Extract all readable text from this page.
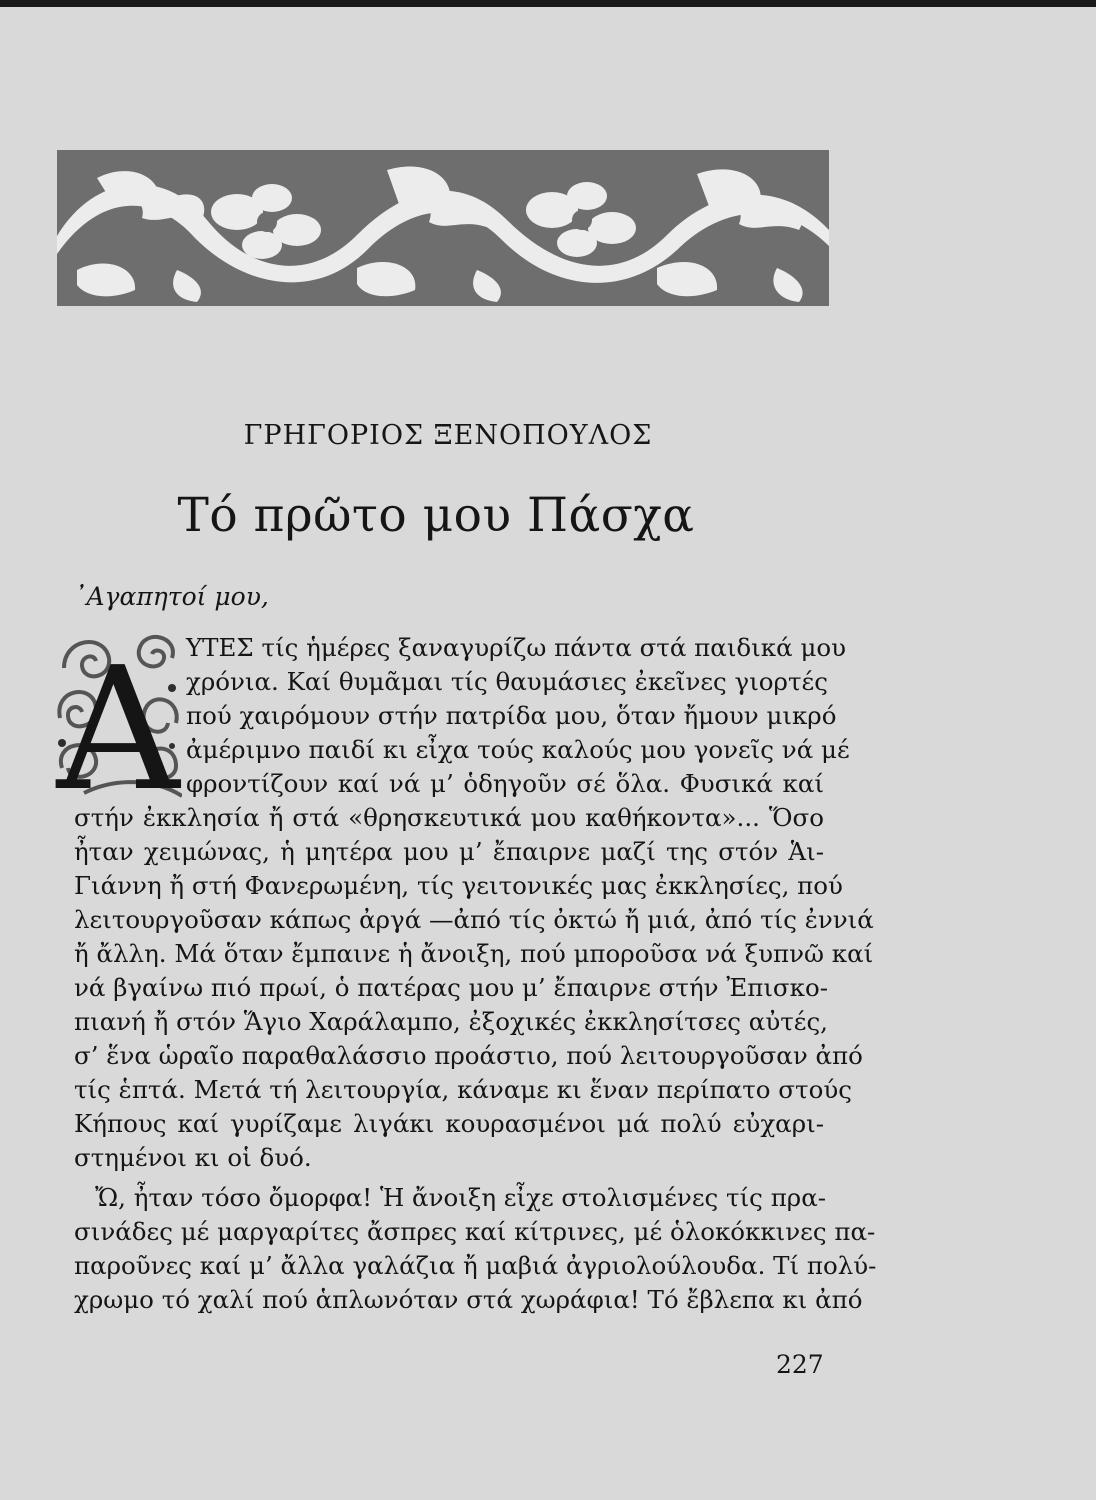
ΓΡΗΓΟΡΙΟΣ ΞΕΝΟΠΟΥΛΟΣ
Τό πρῶτο μου Πάσχα
᾿Αγαπητοί μου,
Α ΥΤΕΣ τίς ἡμέρες ξαναγυρίζω πάντα στά παιδικά μου
χρόνια. Καί θυμᾶμαι τίς θαυμάσιες ἐκεῖνες γιορτές
πού χαιρόμουν στήν πατρίδα μου, ὅταν ἤμουν μικρό
ἀμέριμνο παιδί κι εἶχα τούς καλούς μου γονεῖς νά μέ
φροντίζουν καί νά μ’ ὁδηγοῦν σέ ὅλα. Φυσικά καί
στήν ἐκκλησία ἤ στά «θρησκευτικά μου καθήκοντα»... Ὅσο
ἦταν χειμώνας, ἡ μητέρα μου μ’ ἔπαιρνε μαζί της στόν Ἁι-
Γιάννη ἤ στή Φανερωμένη, τίς γειτονικές μας ἐκκλησίες, πού
λειτουργοῦσαν κάπως ἀργά —ἀπό τίς ὀκτώ ἤ μιά, ἀπό τίς ἐννιά
ἤ ἄλλη. Μά ὅταν ἔμπαινε ἡ ἄνοιξη, πού μποροῦσα νά ξυπνῶ καί
νά βγαίνω πιό πρωί, ὁ πατέρας μου μ’ ἔπαιρνε στήν Ἐπισκο-
πιανή ἤ στόν Ἅγιο Χαράλαμπο, ἐξοχικές ἐκκλησίτσες αὐτές,
σ’ ἕνα ὡραῖο παραθαλάσσιο προάστιο, πού λειτουργοῦσαν ἀπό
τίς ἑπτά. Μετά τή λειτουργία, κάναμε κι ἕναν περίπατο στούς
Κήπους καί γυρίζαμε λιγάκι κουρασμένοι μά πολύ εὐχαρι-
στημένοι κι οἱ δυό.
Ὤ, ἦταν τόσο ὄμορφα! Ἡ ἄνοιξη εἶχε στολισμένες τίς πρα-
σινάδες μέ μαργαρίτες ἄσπρες καί κίτρινες, μέ ὁλοκόκκινες πα-
παροῦνες καί μ’ ἄλλα γαλάζια ἤ μαβιά ἀγριολούλουδα. Τί πολύ-
χρωμο τό χαλί πού ἁπλωνόταν στά χωράφια! Τό ἔβλεπα κι ἀπό
227
